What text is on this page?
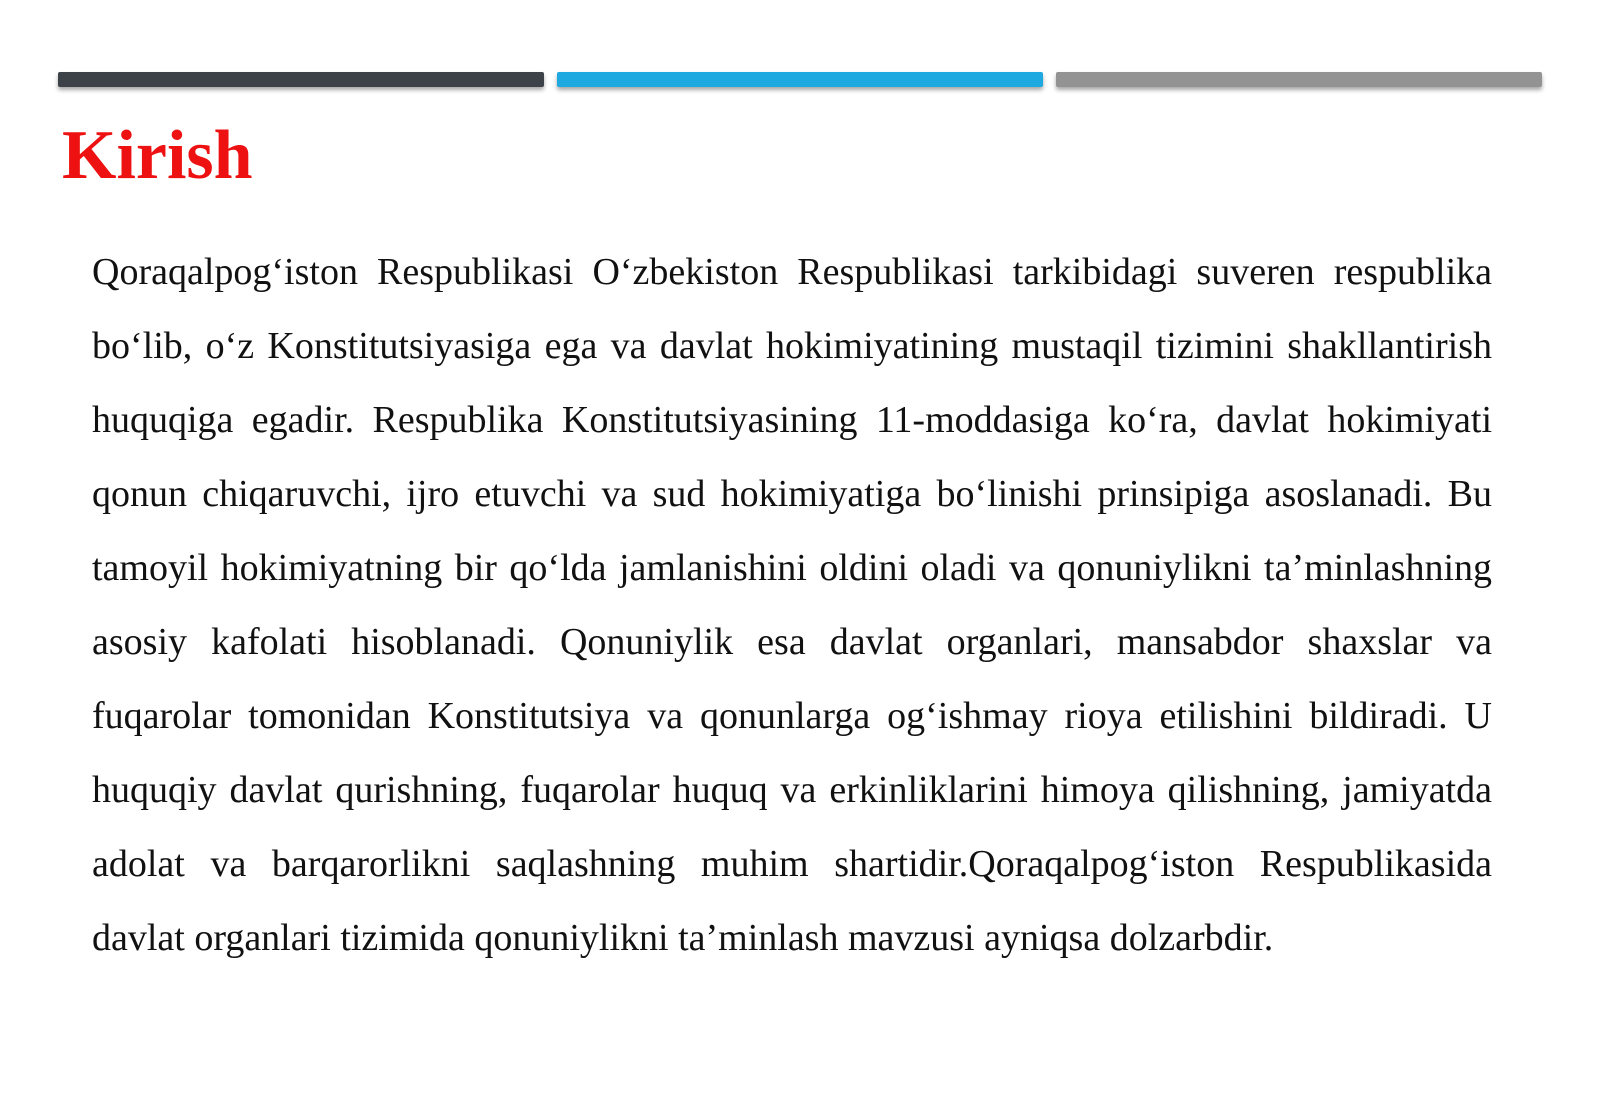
Kirish

Qoraqalpog‘iston Respublikasi O‘zbekiston Respublikasi tarkibidagi suveren respublika bo‘lib, o‘z Konstitutsiyasiga ega va davlat hokimiyatining mustaqil tizimini shakllantirish huquqiga egadir. Respublika Konstitutsiyasining 11-moddasiga ko‘ra, davlat hokimiyati qonun chiqaruvchi, ijro etuvchi va sud hokimiyatiga bo‘linishi prinsipiga asoslanadi. Bu tamoyil hokimiyatning bir qo‘lda jamlanishini oldini oladi va qonuniylikni ta’minlashning asosiy kafolati hisoblanadi. Qonuniylik esa davlat organlari, mansabdor shaxslar va fuqarolar tomonidan Konstitutsiya va qonunlarga og‘ishmay rioya etilishini bildiradi. U huquqiy davlat qurishning, fuqarolar huquq va erkinliklarini himoya qilishning, jamiyatda adolat va barqarorlikni saqlashning muhim shartidir.Qoraqalpog‘iston Respublikasida davlat organlari tizimida qonuniylikni ta’minlash mavzusi ayniqsa dolzarbdir.
